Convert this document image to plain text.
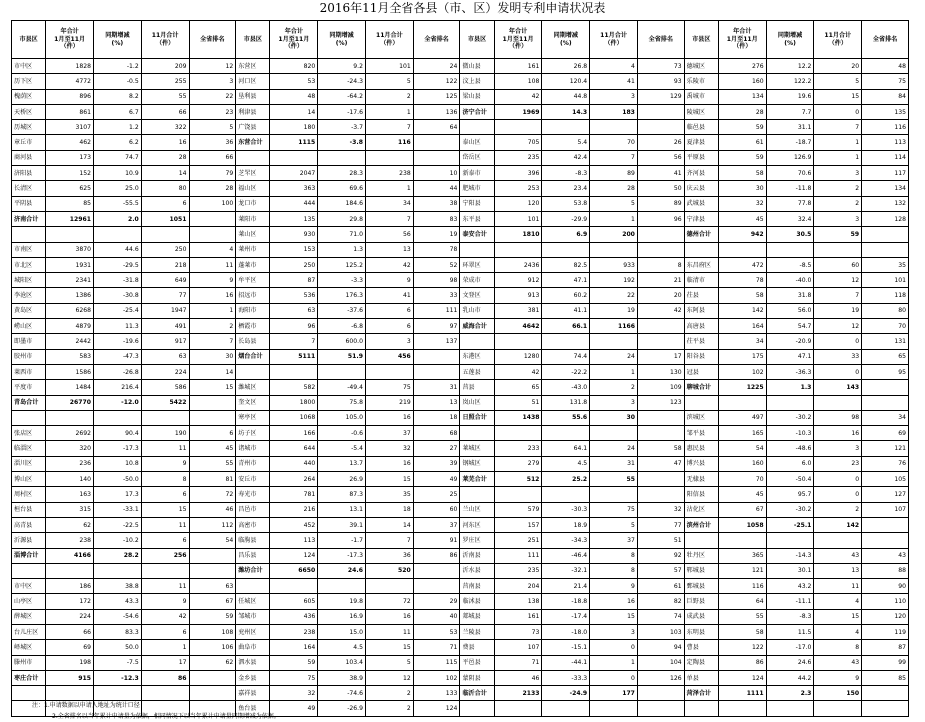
2016年11月全省各县（市、区）发明专利申请状况表
市县区	年合计
1月至11月
（件）	同期增减
(%)	11月合计
（件）	全省排名	市县区	年合计
1月至11月
（件）	同期增减
(%)	11月合计
（件）	全省排名	市县区	年合计
1月至11月
（件）	同期增减
(%)	11月合计
（件）	全省排名	市县区	年合计
1月至11月
（件）	同期增减
(%)	11月合计
（件）	全省排名
市中区	1828	-1.2	209	12	东营区	820	9.2	101	24	微山县	161	26.8	4	73	德城区	276	12.2	20	48
历下区	4772	-0.5	255	3	河口区	53	-24.3	5	122	汶上县	108	120.4	41	93	乐陵市	160	122.2	5	75
槐荫区	896	8.2	55	22	垦利县	48	-64.2	2	125	梁山县	42	44.8	3	129	禹城市	134	19.6	15	84
天桥区	861	6.7	66	23	利津县	14	-17.6	1	136	济宁合计	1969	14.3	183		陵城区	28	7.7	0	135
历城区	3107	1.2	322	5	广饶县	180	-3.7	7	64						临邑县	59	31.1	7	116
章丘市	462	6.2	16	36	东营合计	1115	-3.8	116		泰山区	705	5.4	70	26	夏津县	61	-18.7	1	113
商河县	173	74.7	28	66						岱岳区	235	42.4	7	56	平原县	59	126.9	1	114
济阳县	152	10.9	14	79	芝罘区	2047	28.3	238	10	新泰市	396	-8.3	89	41	齐河县	58	70.6	3	117
长清区	625	25.0	80	28	福山区	363	69.6	1	44	肥城市	253	23.4	28	50	庆云县	30	-11.8	2	134
平阴县	85	-55.5	6	100	龙口市	444	184.6	34	38	宁阳县	120	53.8	5	89	武城县	32	77.8	2	132
济南合计	12961	2.0	1051		莱阳市	135	29.8	7	83	东平县	101	-29.9	1	96	宁津县	45	32.4	3	128
					莱山区	930	71.0	56	19	泰安合计	1810	6.9	200		德州合计	942	30.5	59	
市南区	3870	44.6	250	4	莱州市	153	1.3	13	78										
市北区	1931	-29.5	218	11	蓬莱市	250	125.2	42	52	环翠区	2436	82.5	933	8	东昌府区	472	-8.5	60	35
城阳区	2341	-31.8	649	9	牟平区	87	-3.3	9	98	荣成市	912	47.1	192	21	临清市	78	-40.0	12	101
李沧区	1386	-30.8	77	16	招远市	536	176.3	41	33	文登区	913	60.2	22	20	茌县	58	31.8	7	118
黄岛区	6268	-25.4	1947	1	海阳市	63	-37.6	6	111	乳山市	381	41.1	19	42	东阿县	142	56.0	19	80
崂山区	4879	11.3	491	2	栖霞市	96	-6.8	6	97	威海合计	4642	66.1	1166		高唐县	164	54.7	12	70
即墨市	2442	-19.6	917	7	长岛县	7	600.0	3	137						茌平县	34	-20.9	0	131
胶州市	583	-47.3	63	30	烟台合计	5111	51.9	456		东港区	1280	74.4	24	17	阳谷县	175	47.1	33	65
莱西市	1586	-26.8	224	14						五莲县	42	-22.2	1	130	冠县	102	-36.3	0	95
平度市	1484	216.4	586	15	潍城区	582	-49.4	75	31	莒县	65	-43.0	2	109	聊城合计	1225	1.3	143	
青岛合计	26770	-12.0	5422		奎文区	1800	75.8	219	13	岚山区	51	131.8	3	123					
					寒亭区	1068	105.0	16	18	日照合计	1438	55.6	30		滨城区	497	-30.2	98	34
张店区	2692	90.4	190	6	坊子区	166	-0.6	37	68						邹平县	165	-10.3	16	69
临淄区	320	-17.3	11	45	诸城市	644	-5.4	32	27	莱城区	233	64.1	24	58	惠民县	54	-48.6	3	121
淄川区	236	10.8	9	55	青州市	440	13.7	16	39	钢城区	279	4.5	31	47	博兴县	160	6.0	23	76
博山区	140	-50.0	8	81	安丘市	264	26.9	15	49	莱芜合计	512	25.2	55		无棣县	70	-50.4	0	105
周村区	163	17.3	6	72	寿光市	781	87.3	35	25						阳信县	45	95.7	0	127
桓台县	315	-33.1	15	46	昌邑市	216	13.1	18	60	兰山区	579	-30.3	75	32	沾化区	67	-30.2	2	107
高青县	62	-22.5	11	112	高密市	452	39.1	14	37	河东区	157	18.9	5	77	滨州合计	1058	-25.1	142	
沂源县	238	-10.2	6	54	临朐县	113	-1.7	7	91	罗庄区	251	-34.3	37	51					
淄博合计	4166	28.2	256		昌乐县	124	-17.3	36	86	沂南县	111	-46.4	8	92	牡丹区	365	-14.3	43	43
					潍坊合计	6650	24.6	520		沂水县	235	-32.1	8	57	郓城县	121	30.1	13	88
市中区	186	38.8	11	63						莒南县	204	21.4	9	61	鄄城县	116	43.2	11	90
山亭区	172	43.3	9	67	任城区	605	19.8	72	29	临沭县	138	-18.8	16	82	巨野县	64	-11.1	4	110
薛城区	224	-54.6	42	59	邹城市	436	16.9	16	40	郯城县	161	-17.4	15	74	成武县	55	-8.3	15	120
台儿庄区	66	83.3	6	108	兖州区	238	15.0	11	53	兰陵县	73	-18.0	3	103	东明县	58	11.5	4	119
峄城区	69	50.0	1	106	曲阜市	164	4.5	15	71	费县	107	-15.1	0	94	曹县	122	-17.0	8	87
滕州市	198	-7.5	17	62	泗水县	59	103.4	5	115	平邑县	71	-44.1	1	104	定陶县	86	24.6	43	99
枣庄合计	915	-12.3	86		金乡县	75	38.9	12	102	蒙阴县	46	-33.3	0	126	单县	124	44.2	9	85
					嘉祥县	32	-74.6	2	133	临沂合计	2133	-24.9	177		菏泽合计	1111	2.3	150	
					鱼台县	49	-26.9	2	124										
注：1.申请数据以申请人地址为统计口径
2.全省排名以当年累计申请量为依据，相同情况下以当年累计申请量同期增减为依据。
